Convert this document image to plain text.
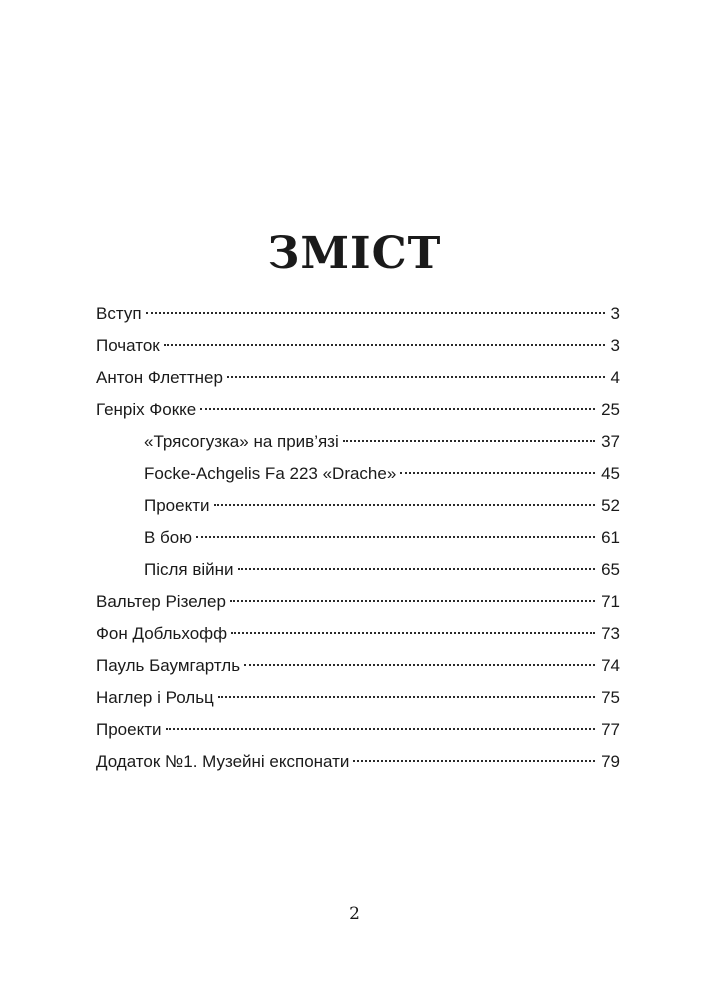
ЗМІСТ
Вступ	3
Початок	3
Антон Флеттнер	4
Генріх Фокке	25
«Трясогузка» на прив’язі	37
Focke-Achgelis Fa 223 «Drache»	45
Проекти	52
В бою	61
Після війни	65
Вальтер Різелер	71
Фон Добльхофф	73
Пауль Баумгартль	74
Наглер і Рольц	75
Проекти	77
Додаток №1. Музейні експонати	79
2
